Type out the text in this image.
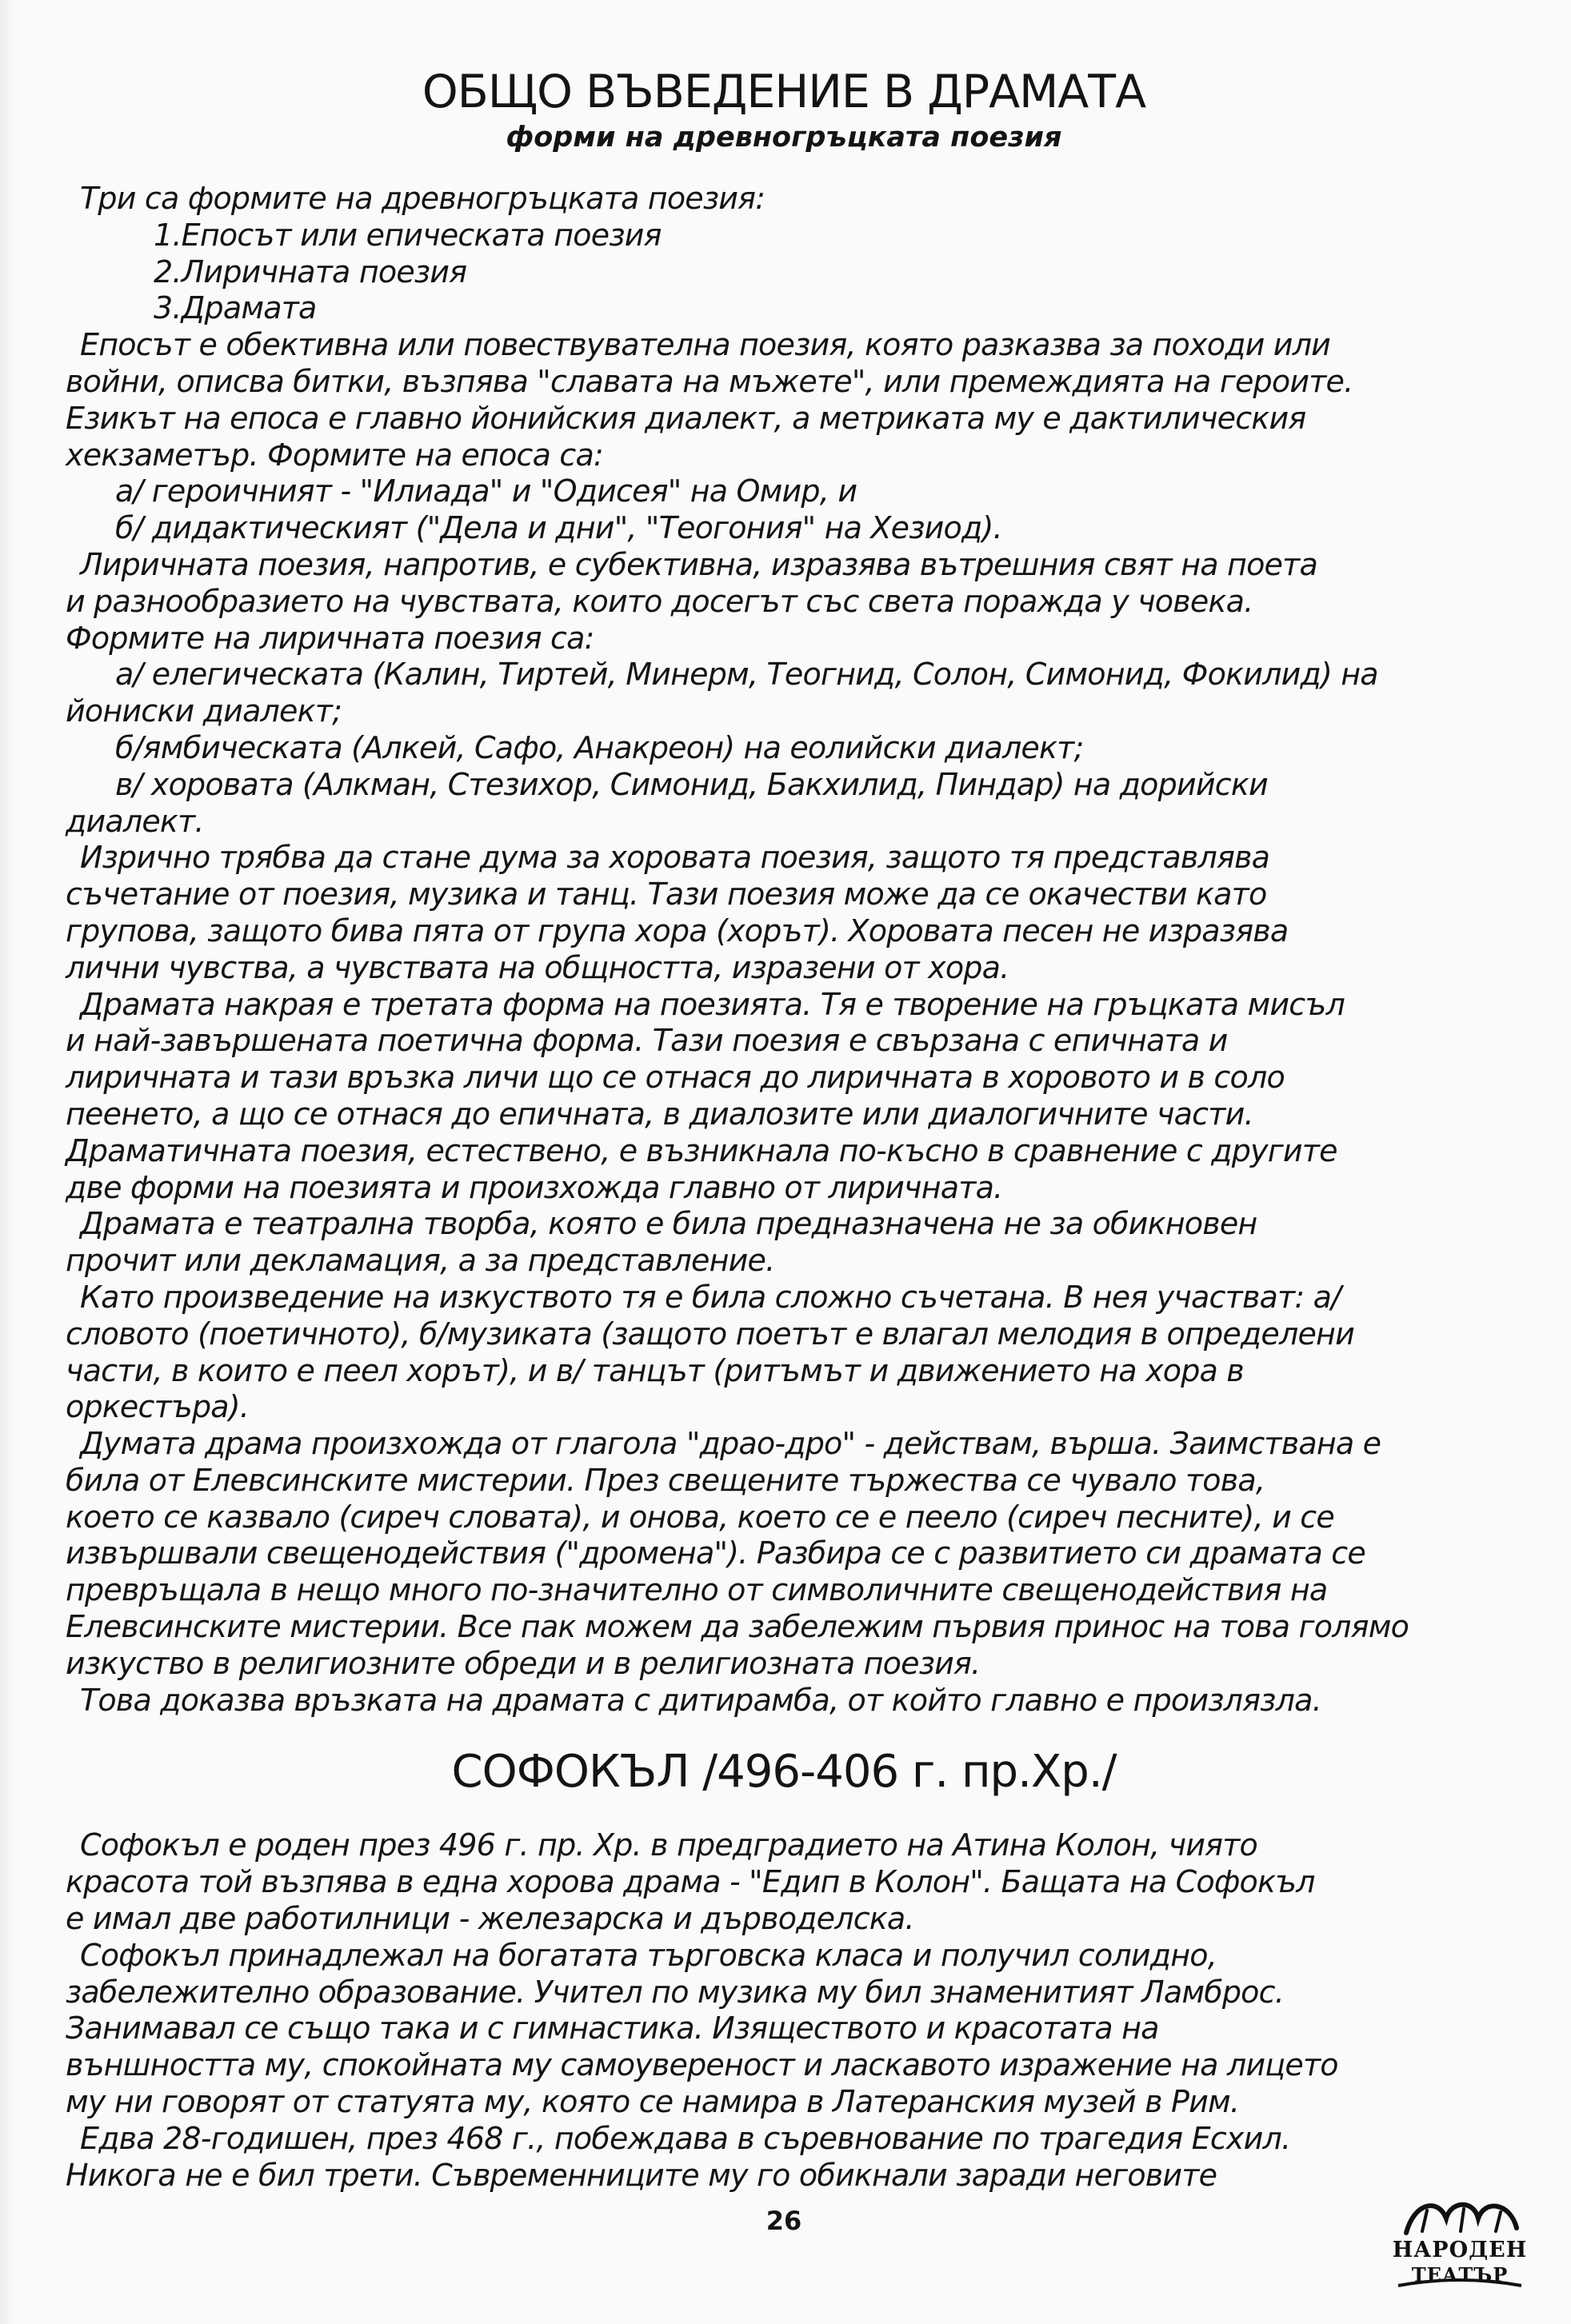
ОБЩО ВЪВЕДЕНИЕ В ДРАМАТА
форми на древногръцката поезия

Три са формите на древногръцката поезия:

1.Епосът или епическата поезия

2.Лиричната поезия

3.Драмата

Епосът е обективна или повествувателна поезия, която разказва за походи или

войни, описва битки, възпява "славата на мъжете", или премеждията на героите.

Езикът на епоса е главно йонийския диалект, а метриката му е дактилическия

хекзаметър. Формите на епоса са:

а/ героичният - "Илиада" и "Одисея" на Омир, и

б/ дидактическият ("Дела и дни", "Теогония" на Хезиод).

Лиричната поезия, напротив, е субективна, изразява вътрешния свят на поета

и разнообразието на чувствата, които досегът със света поражда у човека.

Формите на лиричната поезия са:

а/ елегическата (Калин, Тиртей, Минерм, Теогнид, Солон, Симонид, Фокилид) на

йониски диалект;

б/ямбическата (Алкей, Сафо, Анакреон) на еолийски диалект;

в/ хоровата (Алкман, Стезихор, Симонид, Бакхилид, Пиндар) на дорийски

диалект.

Изрично трябва да стане дума за хоровата поезия, защото тя представлява

съчетание от поезия, музика и танц. Тази поезия може да се окачестви като

групова, защото бива пята от група хора (хорът). Хоровата песен не изразява

лични чувства, а чувствата на общността, изразени от хора.

Драмата накрая е третата форма на поезията. Тя е творение на гръцката мисъл

и най-завършената поетична форма. Тази поезия е свързана с епичната и

лиричната и тази връзка личи що се отнася до лиричната в хоровото и в соло

пеенето, а що се отнася до епичната, в диалозите или диалогичните части.

Драматичната поезия, естествено, е възникнала по-късно в сравнение с другите

две форми на поезията и произхожда главно от лиричната.

Драмата е театрална творба, която е била предназначена не за обикновен

прочит или декламация, а за представление.

Като произведение на изкуството тя е била сложно съчетана. В нея участват: а/

словото (поетичното), б/музиката (защото поетът е влагал мелодия в определени

части, в които е пеел хорът), и в/ танцът (ритъмът и движението на хора в

оркестъра).

Думата драма произхожда от глагола "драо-дро" - действам, върша. Заимствана е

била от Елевсинските мистерии. През свещените тържества се чувало това,

което се казвало (сиреч словата), и онова, което се е пеело (сиреч песните), и се

извършвали свещенодействия ("дромена"). Разбира се с развитието си драмата се

превръщала в нещо много по-значително от символичните свещенодействия на

Елевсинските мистерии. Все пак можем да забележим първия принос на това голямо

изкуство в религиозните обреди и в религиозната поезия.

Това доказва връзката на драмата с дитирамба, от който главно е произлязла.

СОФОКЪЛ /496-406 г. пр.Хр./

Софокъл е роден през 496 г. пр. Хр. в предградието на Атина Колон, чиято

красота той възпява в една хорова драма - "Едип в Колон". Бащата на Софокъл

е имал две работилници - железарска и дърводелска.

Софокъл принадлежал на богатата търговска класа и получил солидно,

забележително образование. Учител по музика му бил знаменитият Ламброс.

Занимавал се също така и с гимнастика. Изяществото и красотата на

външността му, спокойната му самоувереност и ласкавото изражение на лицето

му ни говорят от статуята му, която се намира в Латеранския музей в Рим.

Едва 28-годишен, през 468 г., побеждава в съревнование по трагедия Есхил.

Никога не е бил трети. Съвременниците му го обикнали заради неговите

26
НАРОДЕН
ТЕАТЪР
